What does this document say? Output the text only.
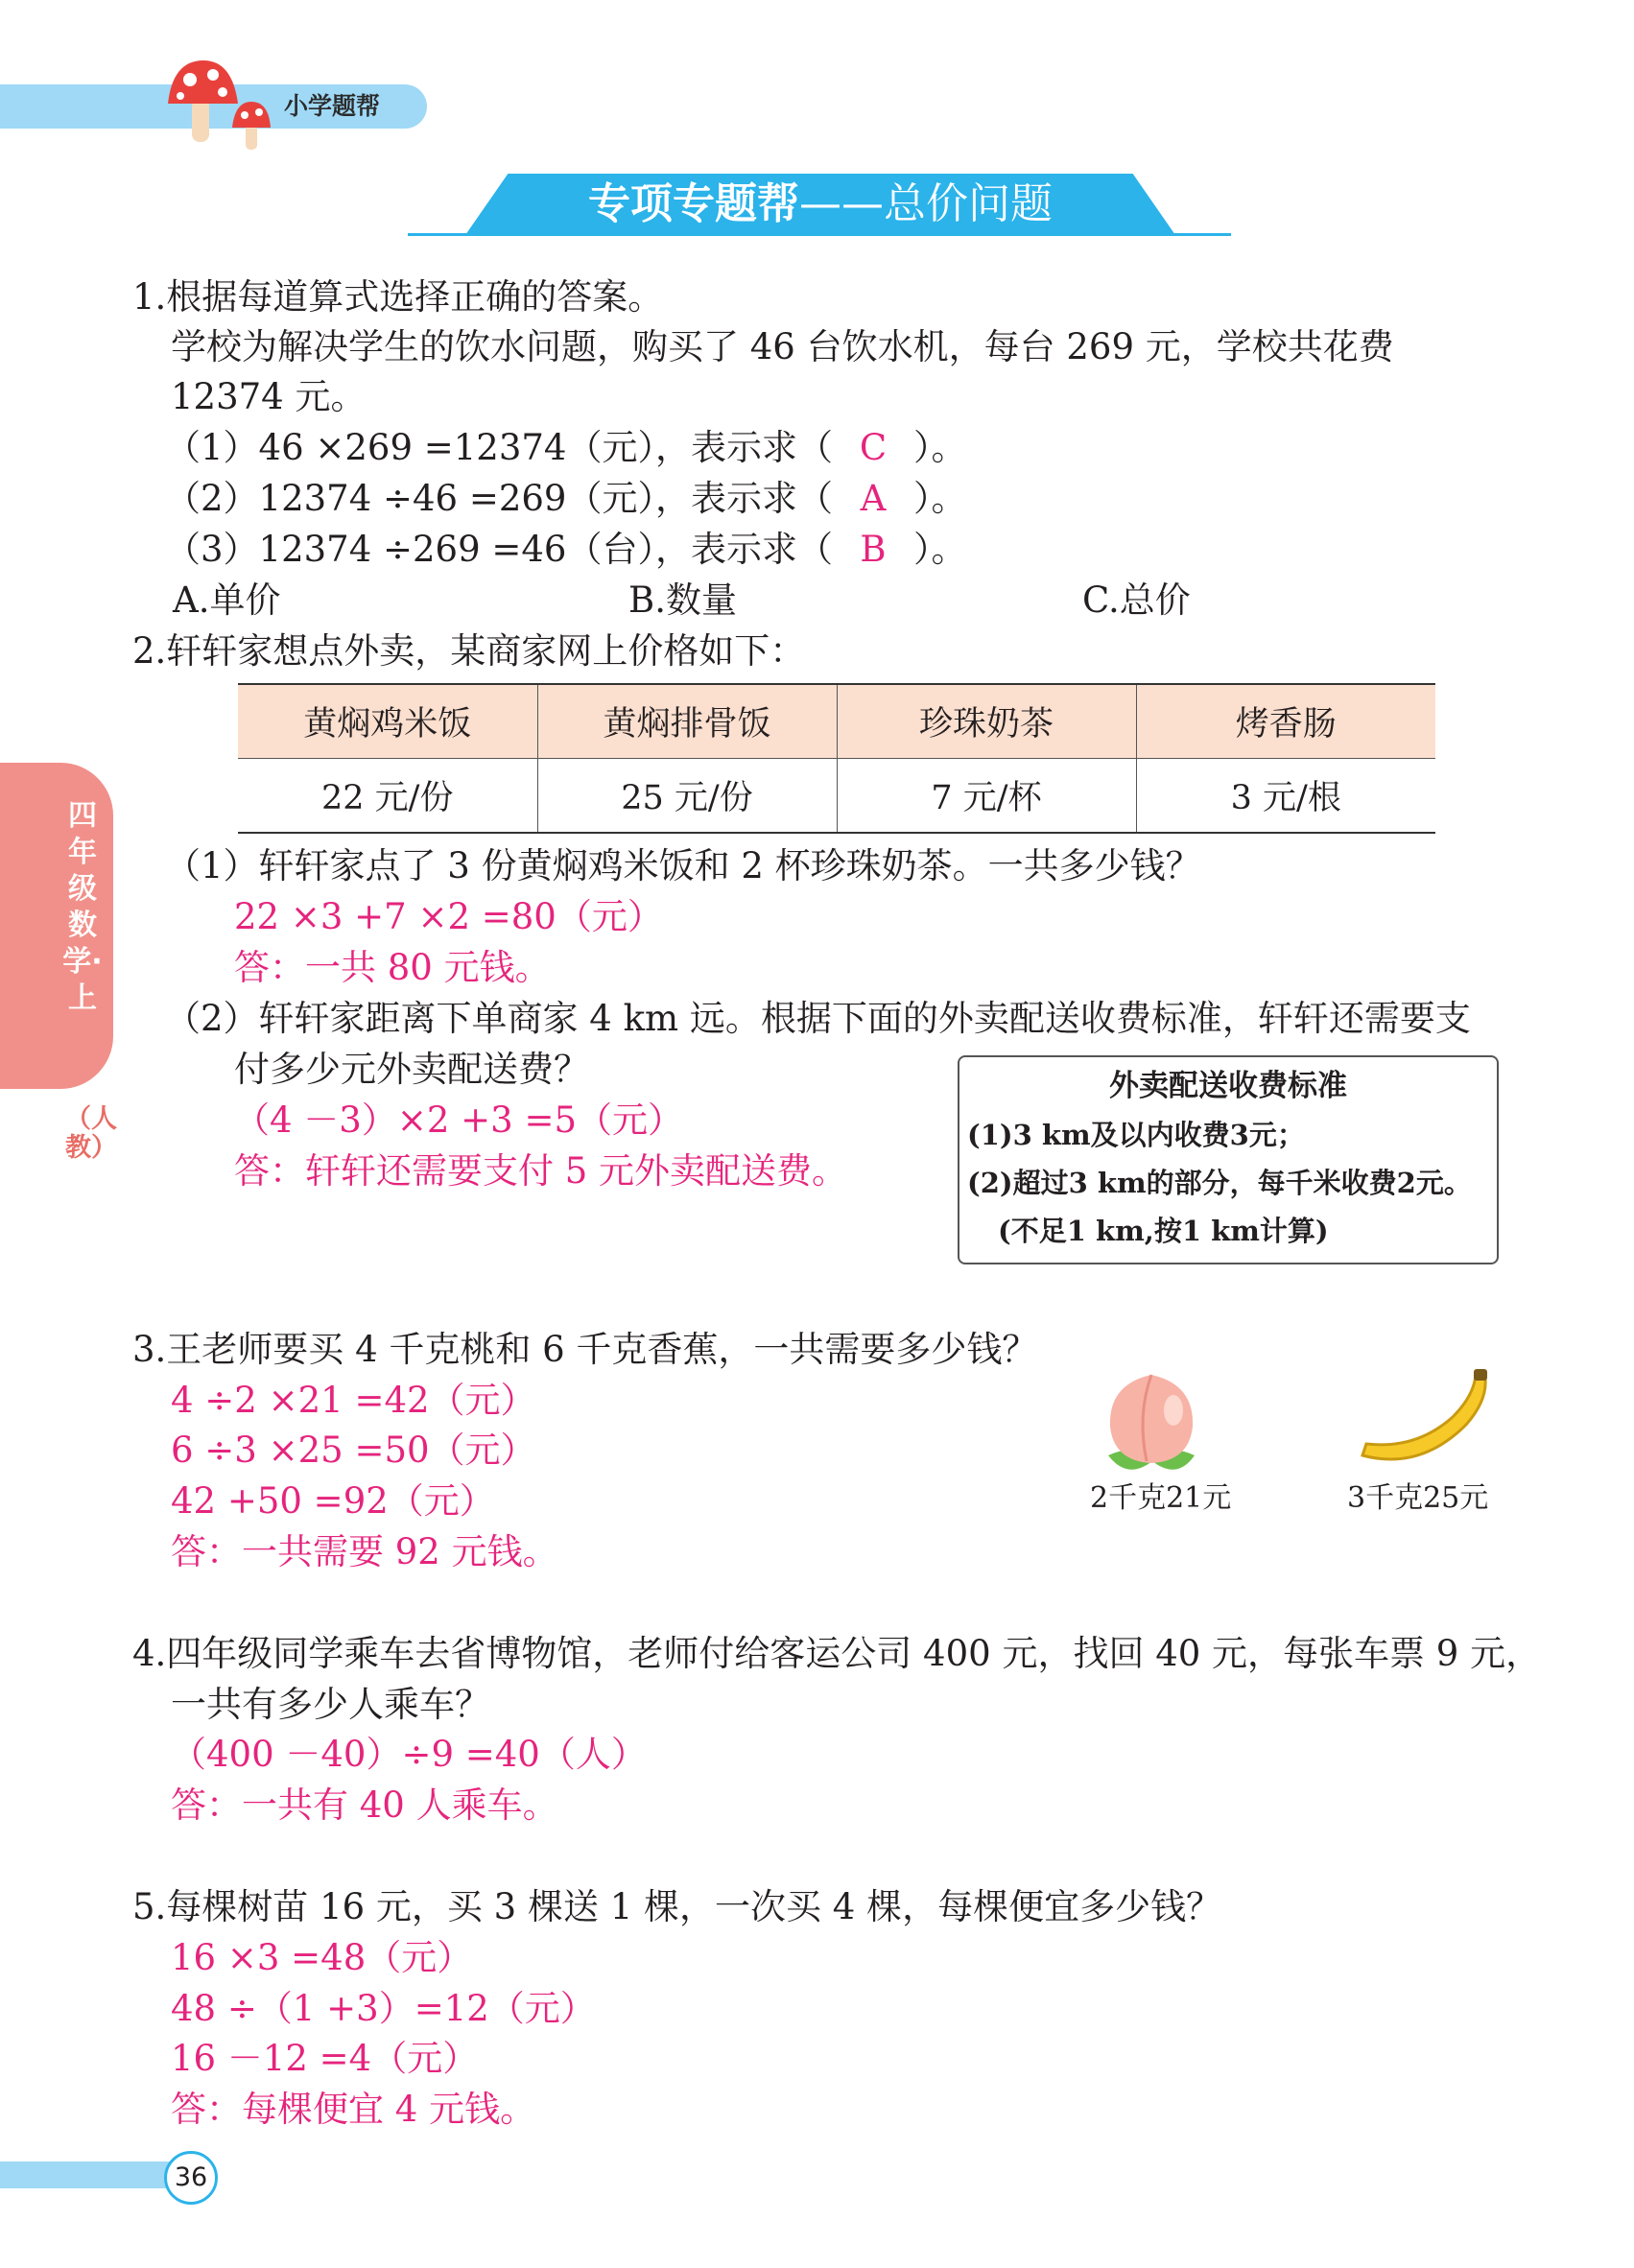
小学题帮
专项专题帮——总价问题
四年级数学·上
（人教）
1.根据每道算式选择正确的答案。
学校为解决学生的饮水问题，购买了 46 台饮水机，每台 269 元，学校共花费
12374 元。
（1）46 ×269 =12374（元），表示求（ C ）。
（2）12374 ÷46 =269（元），表示求（ A ）。
（3）12374 ÷269 =46（台），表示求（ B ）。
A.单价	B.数量	C.总价
2.轩轩家想点外卖，某商家网上价格如下：
黄焖鸡米饭	黄焖排骨饭	珍珠奶茶	烤香肠
22 元/份	25 元/份	7 元/杯	3 元/根
（1）轩轩家点了 3 份黄焖鸡米饭和 2 杯珍珠奶茶。一共多少钱？
22 ×3 +7 ×2 =80（元）
答：一共 80 元钱。
（2）轩轩家距离下单商家 4 km 远。根据下面的外卖配送收费标准，轩轩还需要支
付多少元外卖配送费？
（4 －3）×2 +3 =5（元）
答：轩轩还需要支付 5 元外卖配送费。
外卖配送收费标准
(1)3 km及以内收费3元；
(2)超过3 km的部分，每千米收费2元。
(不足1 km,按1 km计算)
3.王老师要买 4 千克桃和 6 千克香蕉，一共需要多少钱？
4 ÷2 ×21 =42（元）
6 ÷3 ×25 =50（元）
42 +50 =92（元）
答：一共需要 92 元钱。
2千克21元	3千克25元
4.四年级同学乘车去省博物馆，老师付给客运公司 400 元，找回 40 元，每张车票 9 元，
一共有多少人乘车？
（400 －40）÷9 =40（人）
答：一共有 40 人乘车。
5.每棵树苗 16 元，买 3 棵送 1 棵，一次买 4 棵，每棵便宜多少钱？
16 ×3 =48（元）
48 ÷（1 +3）=12（元）
16 －12 =4（元）
答：每棵便宜 4 元钱。
36
